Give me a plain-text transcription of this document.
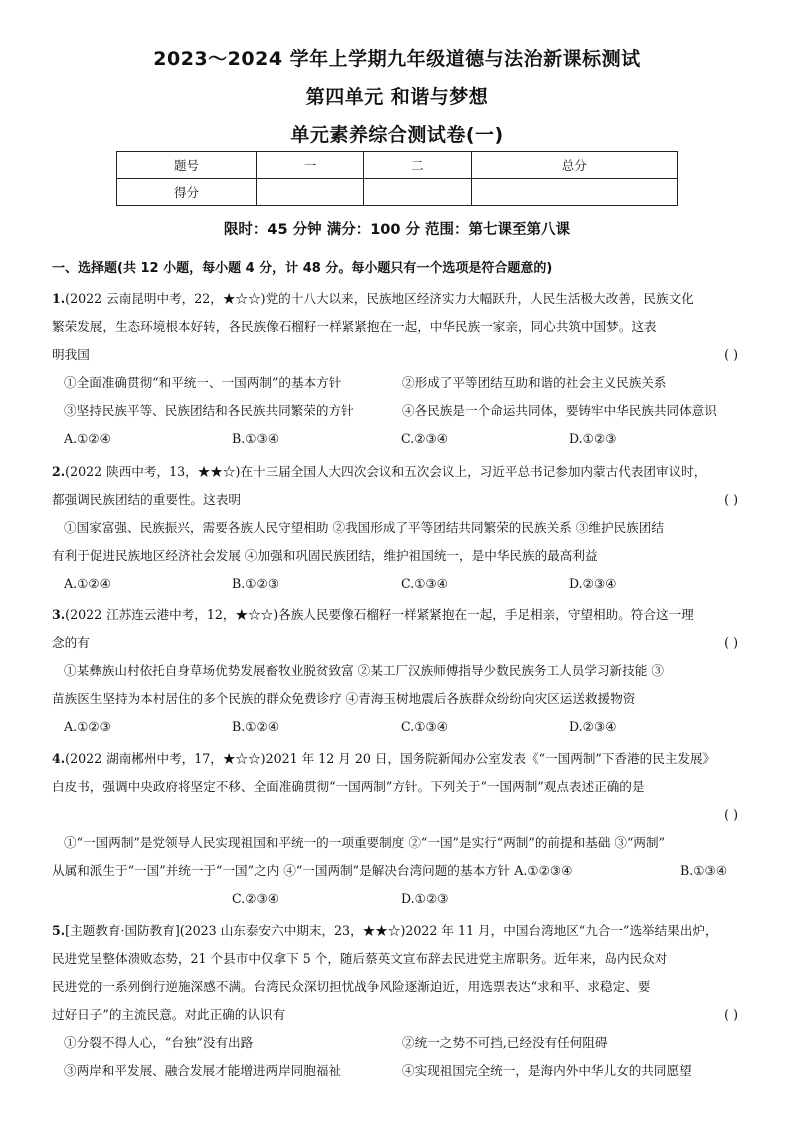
2023～2024 学年上学期九年级道德与法治新课标测试
第四单元 和谐与梦想
单元素养综合测试卷(一)
题号	一	二	总分
得分			
限时：45 分钟 满分：100 分 范围：第七课至第八课
一、选择题(共 12 小题，每小题 4 分，计 48 分。每小题只有一个选项是符合题意的)
1.(2022 云南昆明中考，22，★☆☆)党的十八大以来，民族地区经济实力大幅跃升，人民生活极大改善，民族文化
繁荣发展，生态环境根本好转，各民族像石榴籽一样紧紧抱在一起，中华民族一家亲，同心共筑中国梦。这表
明我国	( )
①全面准确贯彻“和平统一、一国两制”的基本方针	②形成了平等团结互助和谐的社会主义民族关系
③坚持民族平等、民族团结和各民族共同繁荣的方针	④各民族是一个命运共同体，要铸牢中华民族共同体意识
A.①②④	B.①③④	C.②③④	D.①②③
2.(2022 陕西中考，13，★★☆)在十三届全国人大四次会议和五次会议上，习近平总书记参加内蒙古代表团审议时，
都强调民族团结的重要性。这表明	( )
①国家富强、民族振兴，需要各族人民守望相助 ②我国形成了平等团结共同繁荣的民族关系 ③维护民族团结
有利于促进民族地区经济社会发展 ④加强和巩固民族团结，维护祖国统一，是中华民族的最高利益
A.①②④	B.①②③	C.①③④	D.②③④
3.(2022 江苏连云港中考，12，★☆☆)各族人民要像石榴籽一样紧紧抱在一起，手足相亲，守望相助。符合这一理
念的有	( )
①某彝族山村依托自身草场优势发展畜牧业脱贫致富 ②某工厂汉族师傅指导少数民族务工人员学习新技能 ③
苗族医生坚持为本村居住的多个民族的群众免费诊疗 ④青海玉树地震后各族群众纷纷向灾区运送救援物资
A.①②③	B.①②④	C.①③④	D.②③④
4.(2022 湖南郴州中考，17，★☆☆)2021 年 12 月 20 日，国务院新闻办公室发表《“一国两制”下香港的民主发展》
白皮书，强调中央政府将坚定不移、全面准确贯彻“一国两制”方针。下列关于“一国两制”观点表述正确的是
( )
①“一国两制”是党领导人民实现祖国和平统一的一项重要制度 ②“一国”是实行“两制”的前提和基础 ③“两制”
从属和派生于“一国”并统一于“一国”之内 ④“一国两制”是解决台湾问题的基本方针 A.①②③④	B.①③④
C.②③④	D.①②③
5.[主题教育·国防教育](2023 山东泰安六中期末，23，★★☆)2022 年 11 月，中国台湾地区“九合一”选举结果出炉，
民进党呈整体溃败态势，21 个县市中仅拿下 5 个，随后蔡英文宣布辞去民进党主席职务。近年来，岛内民众对
民进党的一系列倒行逆施深感不满。台湾民众深切担忧战争风险逐渐迫近，用选票表达“求和平、求稳定、要
过好日子”的主流民意。对此正确的认识有	( )
①分裂不得人心，“台独”没有出路	②统一之势不可挡,已经没有任何阻碍
③两岸和平发展、融合发展才能增进两岸同胞福祉	④实现祖国完全统一，是海内外中华儿女的共同愿望
